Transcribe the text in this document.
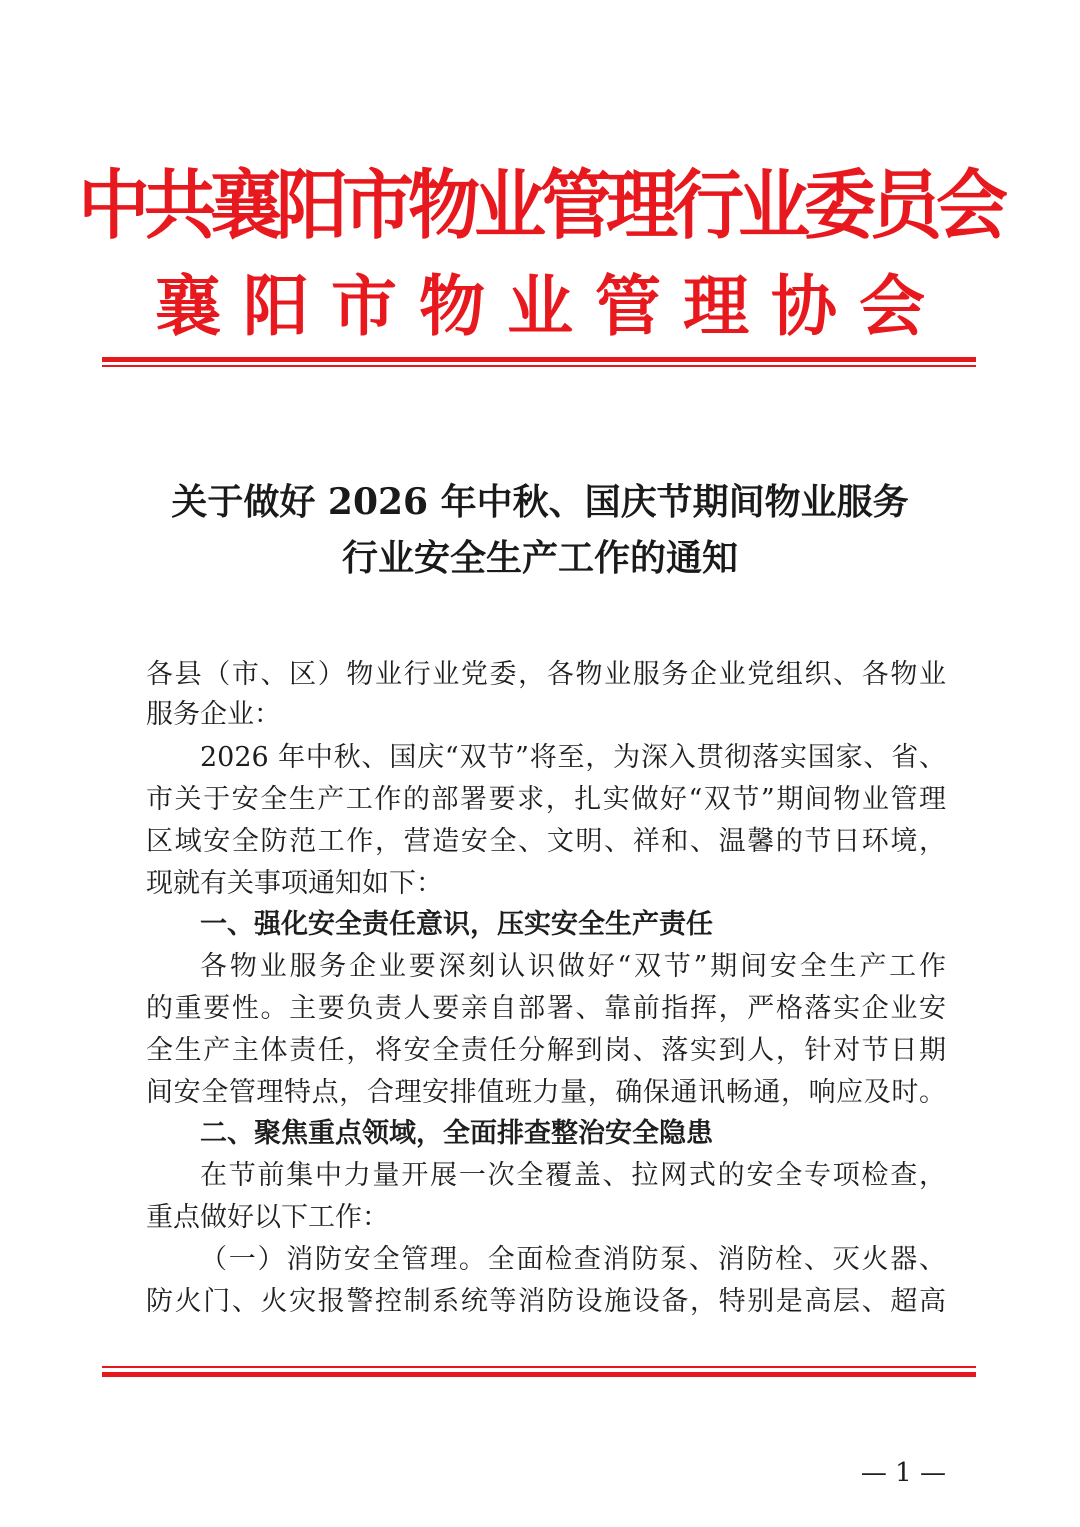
中共襄阳市物业管理行业委员会
襄阳市物业管理协会
关于做好 2026 年中秋、国庆节期间物业服务
行业安全生产工作的通知
各县（市、区）物业行业党委，各物业服务企业党组织、各物业
服务企业：
2026 年中秋、国庆“双节”将至，为深入贯彻落实国家、省、
市关于安全生产工作的部署要求，扎实做好“双节”期间物业管理
区域安全防范工作，营造安全、文明、祥和、温馨的节日环境，
现就有关事项通知如下：
一、强化安全责任意识，压实安全生产责任
各物业服务企业要深刻认识做好“双节”期间安全生产工作
的重要性。主要负责人要亲自部署、靠前指挥，严格落实企业安
全生产主体责任，将安全责任分解到岗、落实到人，针对节日期
间安全管理特点，合理安排值班力量，确保通讯畅通，响应及时。
二、聚焦重点领域，全面排查整治安全隐患
在节前集中力量开展一次全覆盖、拉网式的安全专项检查，
重点做好以下工作：
（一）消防安全管理。全面检查消防泵、消防栓、灭火器、
防火门、火灾报警控制系统等消防设施设备，特别是高层、超高
— 1 —
